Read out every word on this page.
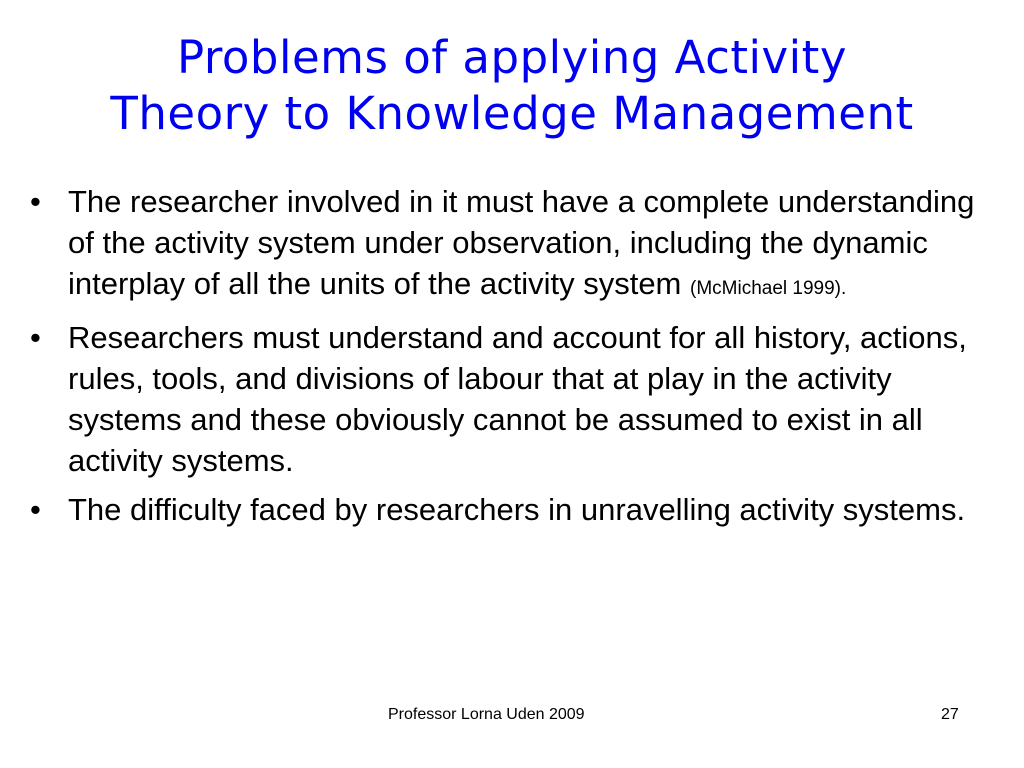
Problems of applying Activity
Theory to Knowledge Management
• The researcher involved in it must have a complete understanding of the activity system under observation, including the dynamic interplay of all the units of the activity system (McMichael 1999).
• Researchers must understand and account for all history, actions, rules, tools, and divisions of labour that at play in the activity systems and these obviously cannot be assumed to exist in all activity systems.
• The difficulty faced by researchers in unravelling activity systems.
Professor Lorna Uden 2009	27
